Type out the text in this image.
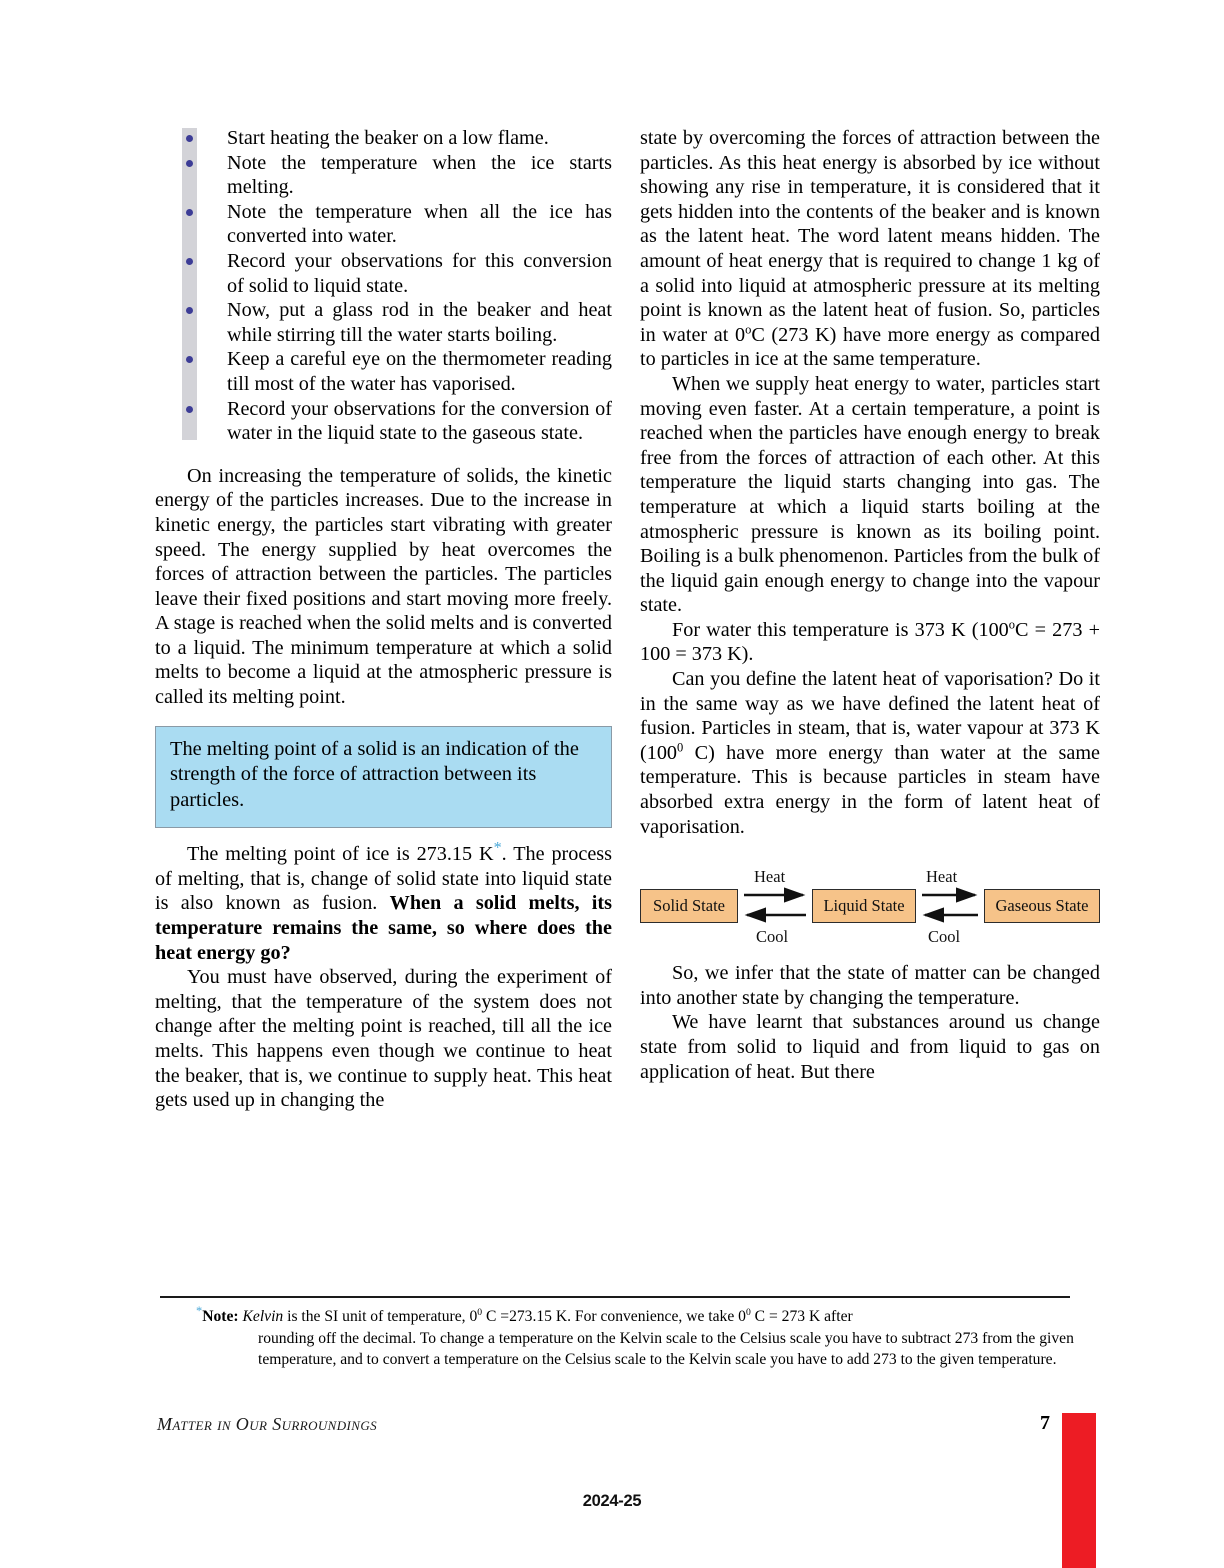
Start heating the beaker on a low flame.
Note the temperature when the ice starts melting.
Note the temperature when all the ice has converted into water.
Record your observations for this conversion of solid to liquid state.
Now, put a glass rod in the beaker and heat while stirring till the water starts boiling.
Keep a careful eye on the thermometer reading till most of the water has vaporised.
Record your observations for the conversion of water in the liquid state to the gaseous state.

On increasing the temperature of solids, the kinetic energy of the particles increases. Due to the increase in kinetic energy, the particles start vibrating with greater speed. The energy supplied by heat overcomes the forces of attraction between the particles. The particles leave their fixed positions and start moving more freely. A stage is reached when the solid melts and is converted to a liquid. The minimum temperature at which a solid melts to become a liquid at the atmospheric pressure is called its melting point.

The melting point of a solid is an indication of the strength of the force of attraction between its particles.

The melting point of ice is 273.15 K*. The process of melting, that is, change of solid state into liquid state is also known as fusion. When a solid melts, its temperature remains the same, so where does the heat energy go?

You must have observed, during the experiment of melting, that the temperature of the system does not change after the melting point is reached, till all the ice melts. This happens even though we continue to heat the beaker, that is, we continue to supply heat. This heat gets used up in changing the

state by overcoming the forces of attraction between the particles. As this heat energy is absorbed by ice without showing any rise in temperature, it is considered that it gets hidden into the contents of the beaker and is known as the latent heat. The word latent means hidden. The amount of heat energy that is required to change 1 kg of a solid into liquid at atmospheric pressure at its melting point is known as the latent heat of fusion. So, particles in water at 0$^o$C (273 K) have more energy as compared to particles in ice at the same temperature.

When we supply heat energy to water, particles start moving even faster. At a certain temperature, a point is reached when the particles have enough energy to break free from the forces of attraction of each other. At this temperature the liquid starts changing into gas. The temperature at which a liquid starts boiling at the atmospheric pressure is known as its boiling point. Boiling is a bulk phenomenon. Particles from the bulk of the liquid gain enough energy to change into the vapour state.

For water this temperature is 373 K ($100^oC = 273 + 100 = 373$ K).

Can you define the latent heat of vaporisation? Do it in the same way as we have defined the latent heat of fusion. Particles in steam, that is, water vapour at 373 K ($100^0$ C) have more energy than water at the same temperature. This is because particles in steam have absorbed extra energy in the form of latent heat of vaporisation.

Solid State	Liquid State	Gaseous State
Heat
Cool
Heat
Cool

So, we infer that the state of matter can be changed into another state by changing the temperature.

We have learnt that substances around us change state from solid to liquid and from liquid to gas on application of heat. But there

*Note: Kelvin is the SI unit of temperature, $0^0$ C =273.15 K. For convenience, we take $0^0$ C = 273 K after

rounding off the decimal. To change a temperature on the Kelvin scale to the Celsius scale you have to subtract 273 from the given temperature, and to convert a temperature on the Celsius scale to the Kelvin scale you have to add 273 to the given temperature.

Matter in Our Surroundings	7
2024-25
